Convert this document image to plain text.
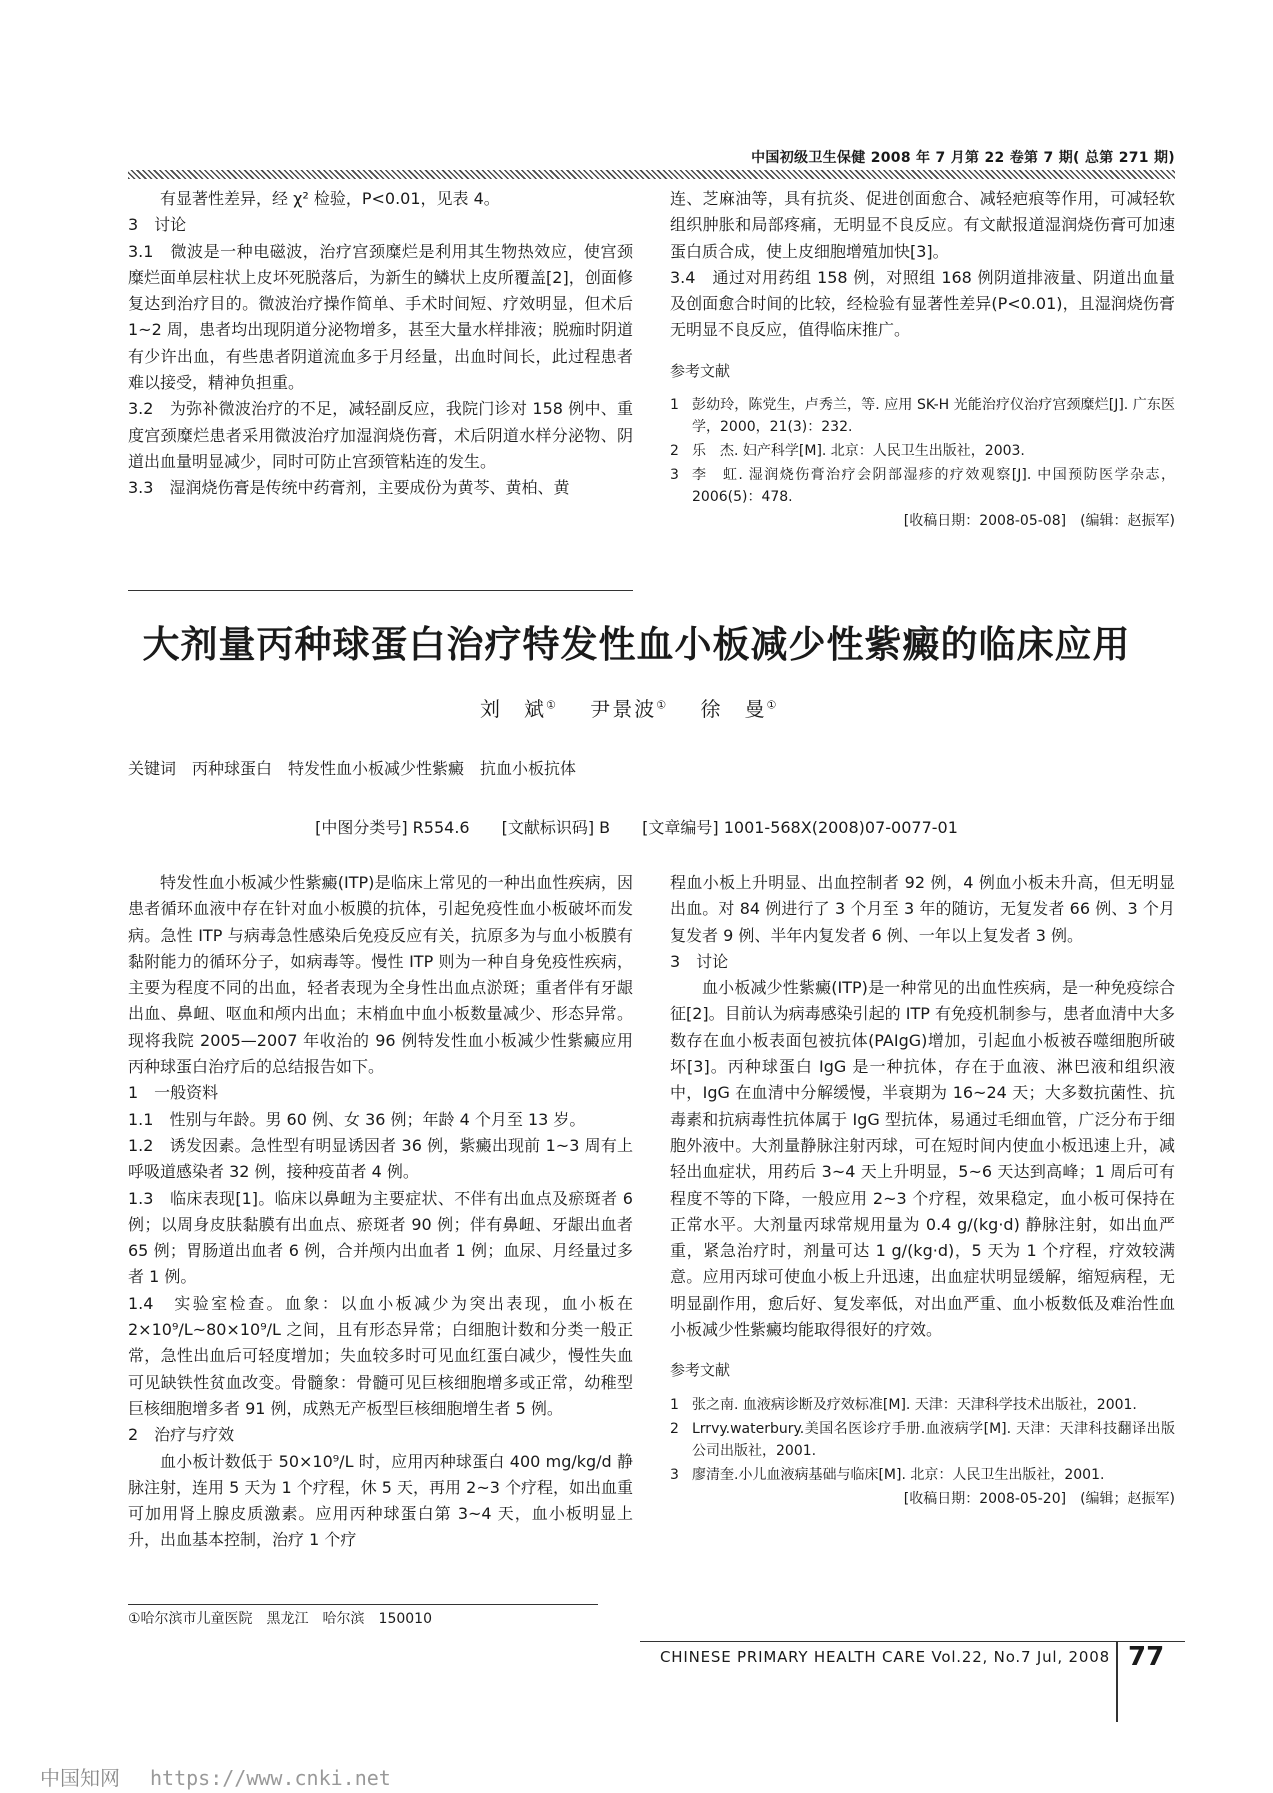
中国初级卫生保健 2008 年 7 月第 22 卷第 7 期( 总第 271 期)

有显著性差异，经 χ² 检验，P<0.01，见表 4。

3　讨论

3.1　微波是一种电磁波，治疗宫颈糜烂是利用其生物热效应，使宫颈糜烂面单层柱状上皮坏死脱落后，为新生的鳞状上皮所覆盖[2]，创面修复达到治疗目的。微波治疗操作简单、手术时间短、疗效明显，但术后 1~2 周，患者均出现阴道分泌物增多，甚至大量水样排液；脱痂时阴道有少许出血，有些患者阴道流血多于月经量，出血时间长，此过程患者难以接受，精神负担重。

3.2　为弥补微波治疗的不足，减轻副反应，我院门诊对 158 例中、重度宫颈糜烂患者采用微波治疗加湿润烧伤膏，术后阴道水样分泌物、阴道出血量明显减少，同时可防止宫颈管粘连的发生。

3.3　湿润烧伤膏是传统中药膏剂，主要成份为黄芩、黄柏、黄

连、芝麻油等，具有抗炎、促进创面愈合、减轻疤痕等作用，可减轻软组织肿胀和局部疼痛，无明显不良反应。有文献报道湿润烧伤膏可加速蛋白质合成，使上皮细胞增殖加快[3]。

3.4　通过对用药组 158 例，对照组 168 例阴道排液量、阴道出血量及创面愈合时间的比较，经检验有显著性差异(P<0.01)，且湿润烧伤膏无明显不良反应，值得临床推广。

参考文献

1 彭幼玲，陈党生，卢秀兰，等. 应用 SK-H 光能治疗仪治疗宫颈糜烂[J]. 广东医学，2000，21(3)：232.
2 乐　杰. 妇产科学[M]. 北京：人民卫生出版社，2003.
3 李　虹. 湿润烧伤膏治疗会阴部湿疹的疗效观察[J]. 中国预防医学杂志，2006(5)：478.
[收稿日期：2008-05-08]　(编辑：赵振军)
大剂量丙种球蛋白治疗特发性血小板减少性紫癜的临床应用
刘　斌① 尹景波① 徐　曼①
关键词　丙种球蛋白　特发性血小板减少性紫癜　抗血小板抗体
[中图分类号] R554.6　　[文献标识码] B　　[文章编号] 1001-568X(2008)07-0077-01

特发性血小板减少性紫癜(ITP)是临床上常见的一种出血性疾病，因患者循环血液中存在针对血小板膜的抗体，引起免疫性血小板破坏而发病。急性 ITP 与病毒急性感染后免疫反应有关，抗原多为与血小板膜有黏附能力的循环分子，如病毒等。慢性 ITP 则为一种自身免疫性疾病，主要为程度不同的出血，轻者表现为全身性出血点淤斑；重者伴有牙龈出血、鼻衄、呕血和颅内出血；末梢血中血小板数量减少、形态异常。现将我院 2005—2007 年收治的 96 例特发性血小板减少性紫癜应用丙种球蛋白治疗后的总结报告如下。

1　一般资料

1.1　性别与年龄。男 60 例、女 36 例；年龄 4 个月至 13 岁。

1.2　诱发因素。急性型有明显诱因者 36 例，紫癜出现前 1~3 周有上呼吸道感染者 32 例，接种疫苗者 4 例。

1.3　临床表现[1]。临床以鼻衄为主要症状、不伴有出血点及瘀斑者 6 例；以周身皮肤黏膜有出血点、瘀斑者 90 例；伴有鼻衄、牙龈出血者 65 例；胃肠道出血者 6 例，合并颅内出血者 1 例；血尿、月经量过多者 1 例。

1.4　实验室检查。血象：以血小板减少为突出表现，血小板在 2×10⁹/L~80×10⁹/L 之间，且有形态异常；白细胞计数和分类一般正常，急性出血后可轻度增加；失血较多时可见血红蛋白减少，慢性失血可见缺铁性贫血改变。骨髓象：骨髓可见巨核细胞增多或正常，幼稚型巨核细胞增多者 91 例，成熟无产板型巨核细胞增生者 5 例。

2　治疗与疗效

血小板计数低于 50×10⁹/L 时，应用丙种球蛋白 400 mg/kg/d 静脉注射，连用 5 天为 1 个疗程，休 5 天，再用 2~3 个疗程，如出血重可加用肾上腺皮质激素。应用丙种球蛋白第 3~4 天，血小板明显上升，出血基本控制，治疗 1 个疗

程血小板上升明显、出血控制者 92 例，4 例血小板未升高，但无明显出血。对 84 例进行了 3 个月至 3 年的随访，无复发者 66 例、3 个月复发者 9 例、半年内复发者 6 例、一年以上复发者 3 例。

3　讨论

血小板减少性紫癜(ITP)是一种常见的出血性疾病，是一种免疫综合征[2]。目前认为病毒感染引起的 ITP 有免疫机制参与，患者血清中大多数存在血小板表面包被抗体(PAIgG)增加，引起血小板被吞噬细胞所破坏[3]。丙种球蛋白 IgG 是一种抗体，存在于血液、淋巴液和组织液中，IgG 在血清中分解缓慢，半衰期为 16~24 天；大多数抗菌性、抗毒素和抗病毒性抗体属于 IgG 型抗体，易通过毛细血管，广泛分布于细胞外液中。大剂量静脉注射丙球，可在短时间内使血小板迅速上升，减轻出血症状，用药后 3~4 天上升明显，5~6 天达到高峰；1 周后可有程度不等的下降，一般应用 2~3 个疗程，效果稳定，血小板可保持在正常水平。大剂量丙球常规用量为 0.4 g/(kg·d) 静脉注射，如出血严重，紧急治疗时，剂量可达 1 g/(kg·d)，5 天为 1 个疗程，疗效较满意。应用丙球可使血小板上升迅速，出血症状明显缓解，缩短病程，无明显副作用，愈后好、复发率低，对出血严重、血小板数低及难治性血小板减少性紫癜均能取得很好的疗效。

参考文献

1 张之南. 血液病诊断及疗效标准[M]. 天津：天津科学技术出版社，2001.
2 Lrrvy.waterbury.美国名医诊疗手册.血液病学[M]. 天津：天津科技翻译出版公司出版社，2001.
3 廖清奎.小儿血液病基础与临床[M]. 北京：人民卫生出版社，2001.
[收稿日期：2008-05-20]　(编辑；赵振军)
①哈尔滨市儿童医院　黑龙江　哈尔滨　150010
CHINESE PRIMARY HEALTH CARE Vol.22, No.7 Jul, 2008 77
中国知网 https://www.cnki.net
